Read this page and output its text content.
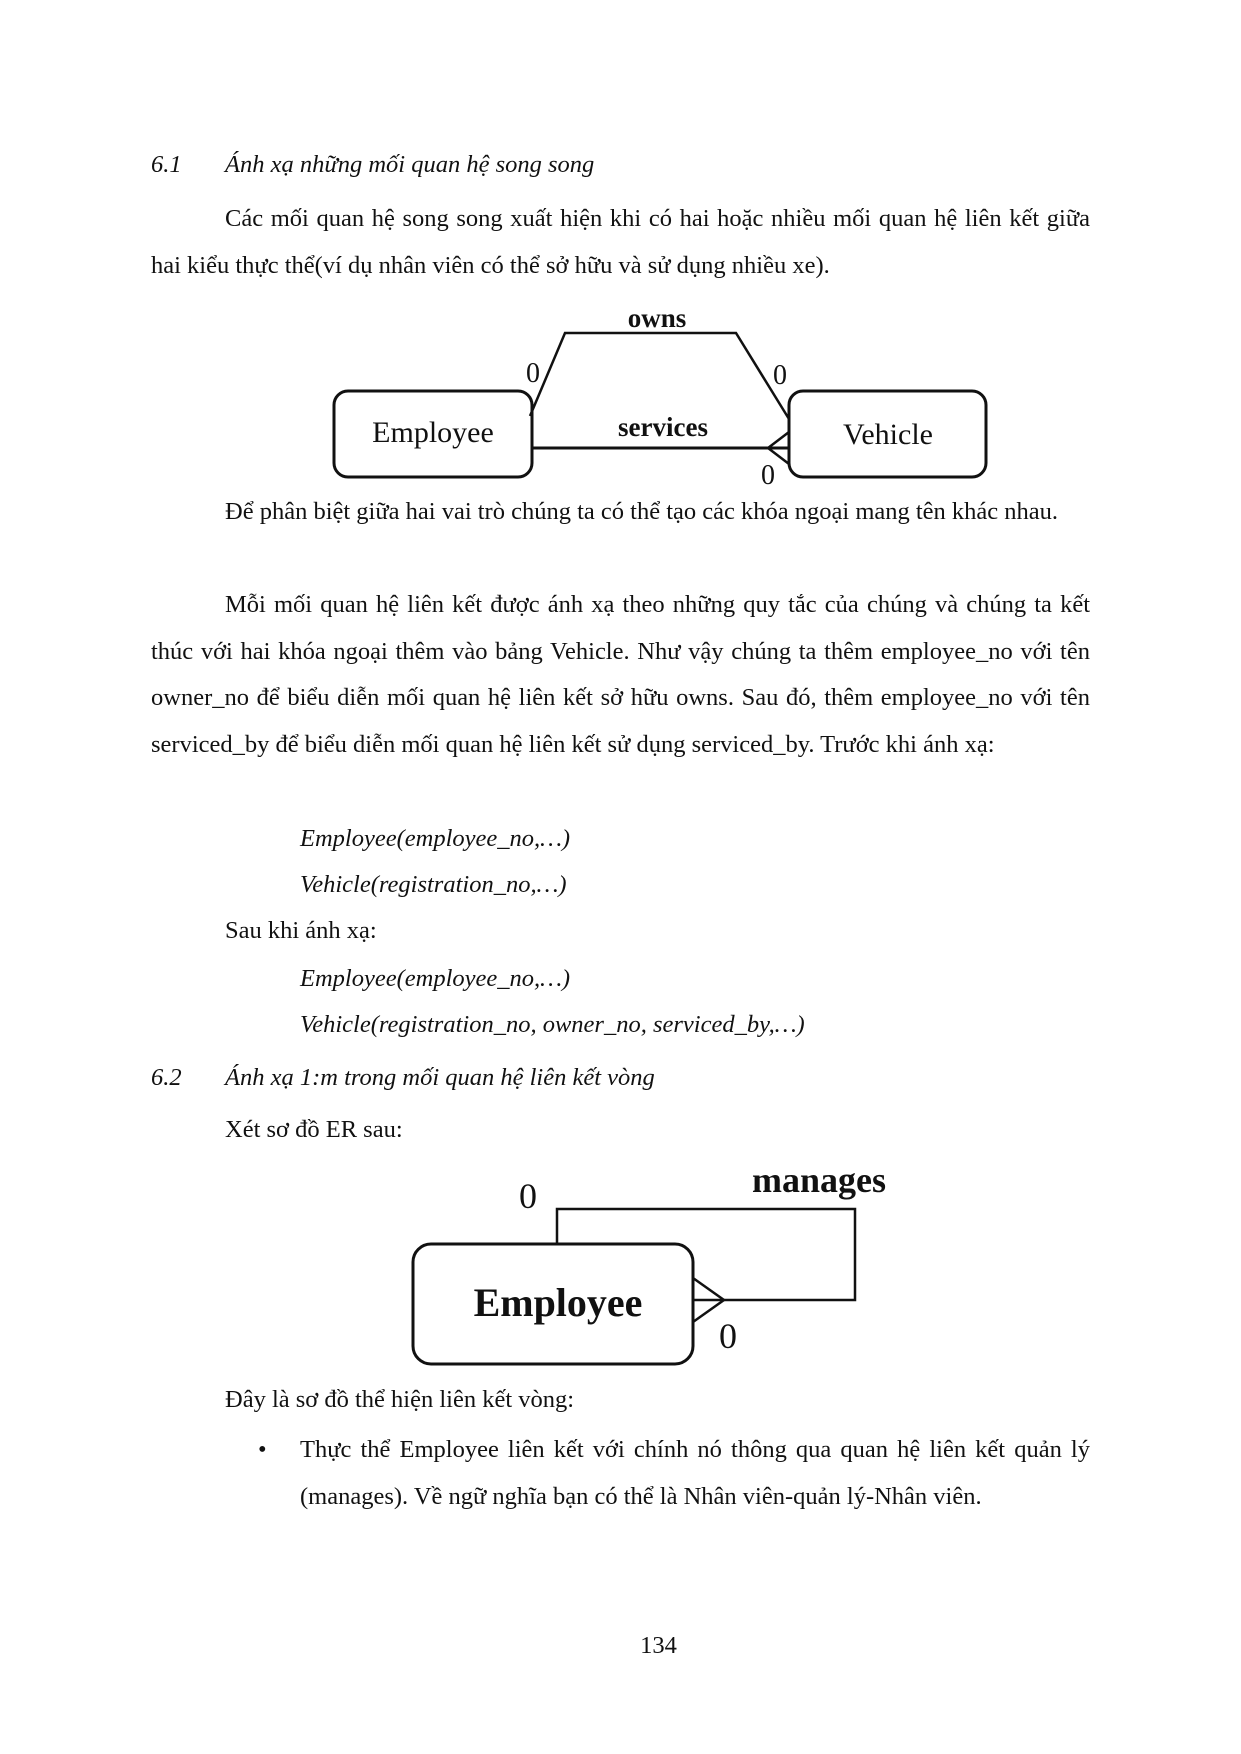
6.1 Ánh xạ những mối quan hệ song song
Các mối quan hệ song song xuất hiện khi có hai hoặc nhiều mối quan hệ liên kết giữa hai kiểu thực thể(ví dụ nhân viên có thể sở hữu và sử dụng nhiều xe).
Employee	Vehicle
owns
services
0	0
0
Employee
manages
0
0
Để phân biệt giữa hai vai trò chúng ta có thể tạo các khóa ngoại mang tên khác nhau.
Mỗi mối quan hệ liên kết được ánh xạ theo những quy tắc của chúng và chúng ta kết thúc với hai khóa ngoại thêm vào bảng Vehicle. Như vậy chúng ta thêm employee_no với tên owner_no để biểu diễn mối quan hệ liên kết sở hữu owns. Sau đó, thêm employee_no với tên serviced_by để biểu diễn mối quan hệ liên kết sử dụng serviced_by. Trước khi ánh xạ:
Employee(employee_no,…)
Vehicle(registration_no,…)
Sau khi ánh xạ:
Employee(employee_no,…)
Vehicle(registration_no, owner_no, serviced_by,…)
6.2 Ánh xạ 1:m trong mối quan hệ liên kết vòng
Xét sơ đồ ER sau:
Đây là sơ đồ thể hiện liên kết vòng:
• Thực thể Employee liên kết với chính nó thông qua quan hệ liên kết quản lý (manages). Về ngữ nghĩa bạn có thể là Nhân viên-quản lý-Nhân viên.
134
